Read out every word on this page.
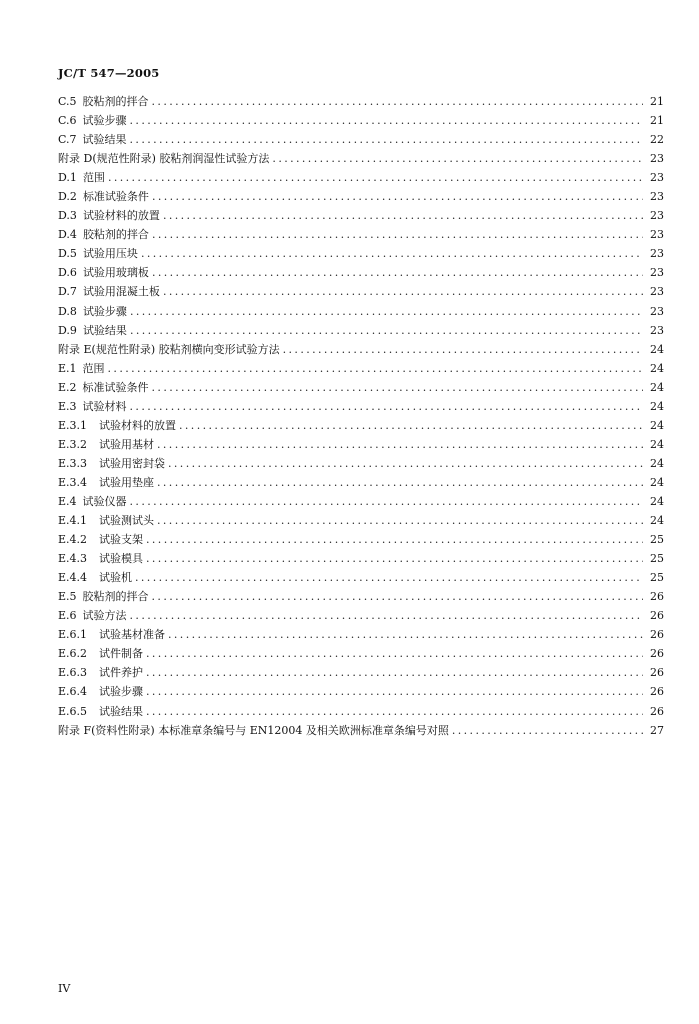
JC/T 547—2005
C.5 胶粘剂的拌合 .....	21
C.6 试验步骤 .....	21
C.7 试验结果 .....	22
附录 D (规范性附录) 胶粘剂润湿性试验方法 .....	23
D.1 范围 .....	23
D.2 标准试验条件 .....	23
D.3 试验材料的放置 .....	23
D.4 胶粘剂的拌合 .....	23
D.5 试验用压块 .....	23
D.6 试验用玻璃板 .....	23
D.7 试验用混凝土板 .....	23
D.8 试验步骤 .....	23
D.9 试验结果 .....	23
附录 E (规范性附录) 胶粘剂横向变形试验方法 .....	24
E.1 范围 .....	24
E.2 标准试验条件 .....	24
E.3 试验材料 .....	24
E.3.1	试验材料的放置 .....	24
E.3.2	试验用基材 .....	24
E.3.3	试验用密封袋 .....	24
E.3.4	试验用垫座 .....	24
E.4 试验仪器 .....	24
E.4.1	试验测试头 .....	24
E.4.2	试验支架 .....	25
E.4.3	试验模具 .....	25
E.4.4	试验机 .....	25
E.5 胶粘剂的拌合 .....	26
E.6 试验方法 .....	26
E.6.1	试验基材准备 .....	26
E.6.2	试件制备 .....	26
E.6.3	试件养护 .....	26
E.6.4	试验步骤 .....	26
E.6.5	试验结果 .....	26
附录 F (资料性附录) 本标准章条编号与 EN12004 及相关欧洲标准章条编号对照 .....	27
IV
